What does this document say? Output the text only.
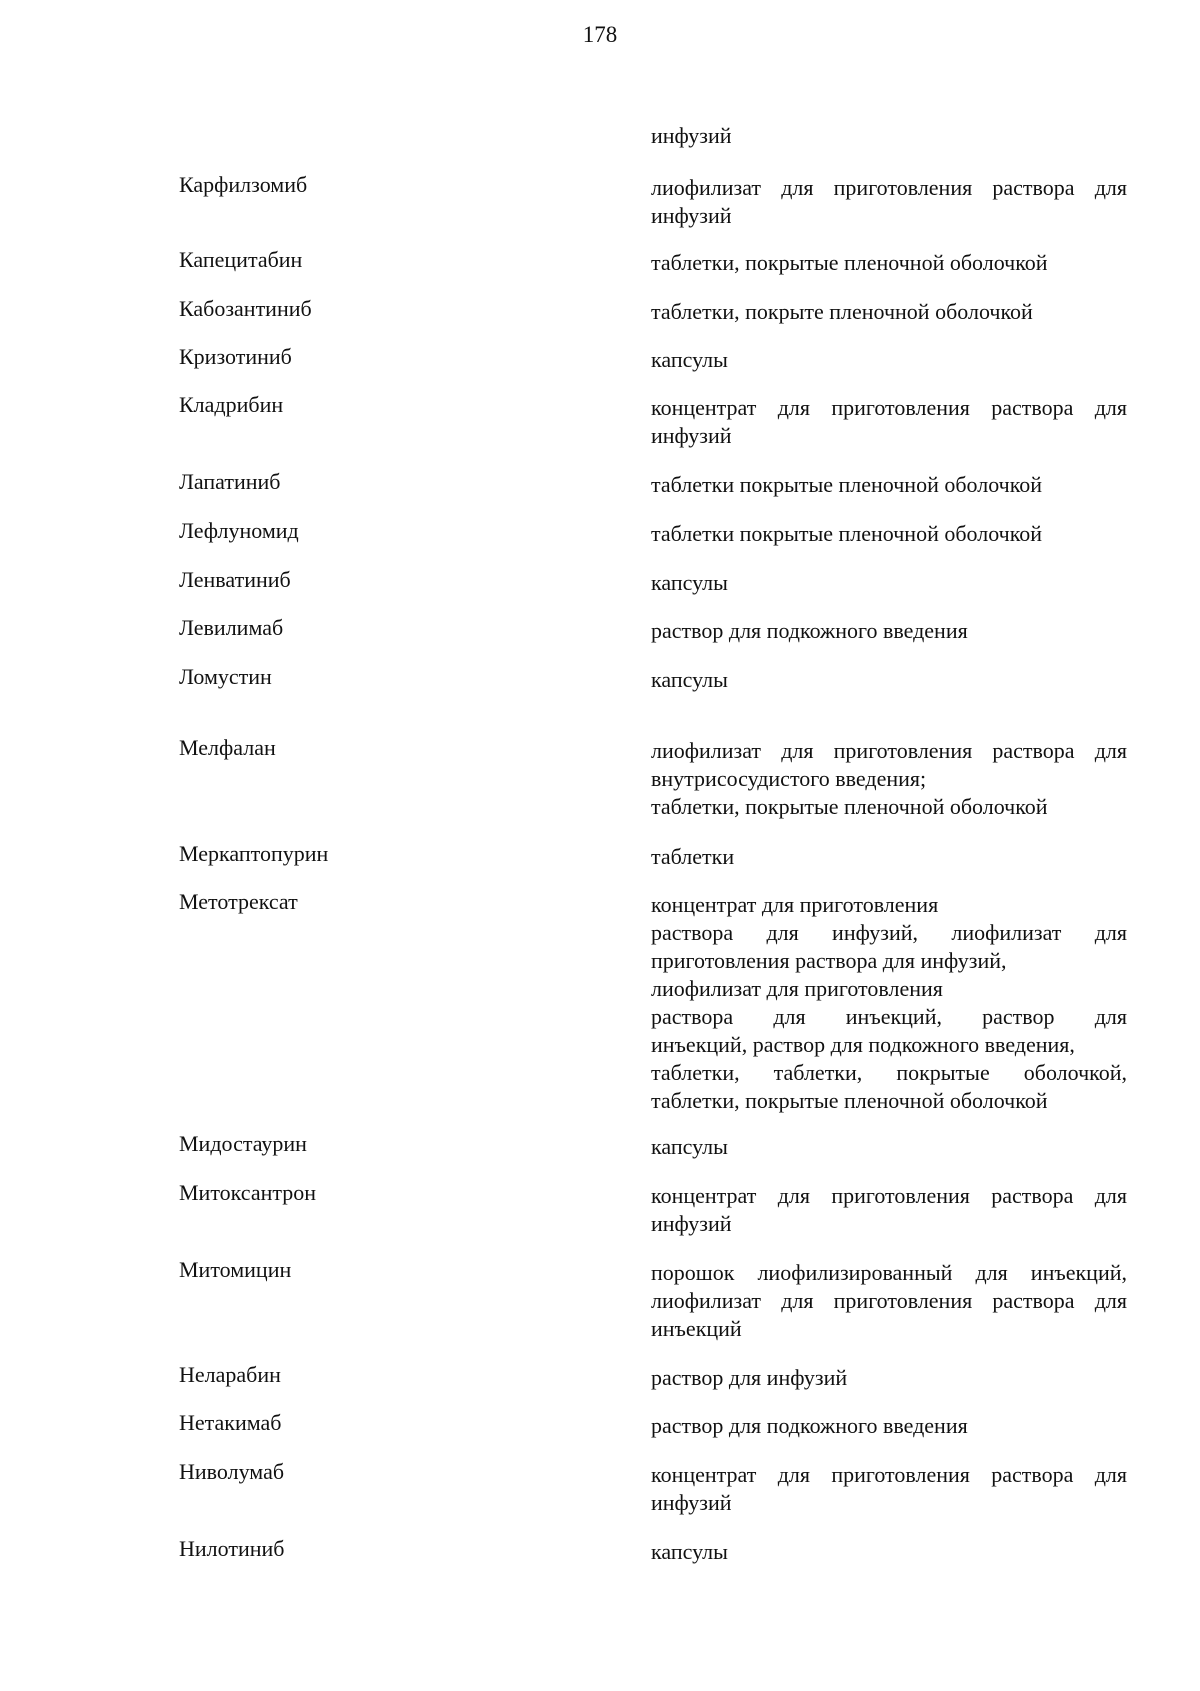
178
инфузий
Карфилзомиб	лиофилизат для приготовления раствора для
инфузий
Капецитабин	таблетки, покрытые пленочной оболочкой
Кабозантиниб	таблетки, покрыте пленочной оболочкой
Кризотиниб	капсулы
Кладрибин	концентрат для приготовления раствора для
инфузий
Лапатиниб	таблетки покрытые пленочной оболочкой
Лефлуномид	таблетки покрытые пленочной оболочкой
Ленватиниб	капсулы
Левилимаб	раствор для подкожного введения
Ломустин	капсулы
Мелфалан	лиофилизат для приготовления раствора для
внутрисосудистого введения;
таблетки, покрытые пленочной оболочкой
Меркаптопурин	таблетки
Метотрексат	концентрат для приготовления
раствора для инфузий, лиофилизат для
приготовления раствора для инфузий,
лиофилизат для приготовления
раствора для инъекций, раствор для
инъекций, раствор для подкожного введения,
таблетки, таблетки, покрытые оболочкой,
таблетки, покрытые пленочной оболочкой
Мидостаурин	капсулы
Митоксантрон	концентрат для приготовления раствора для
инфузий
Митомицин	порошок лиофилизированный для инъекций,
лиофилизат для приготовления раствора для
инъекций
Неларабин	раствор для инфузий
Нетакимаб	раствор для подкожного введения
Ниволумаб	концентрат для приготовления раствора для
инфузий
Нилотиниб	капсулы
